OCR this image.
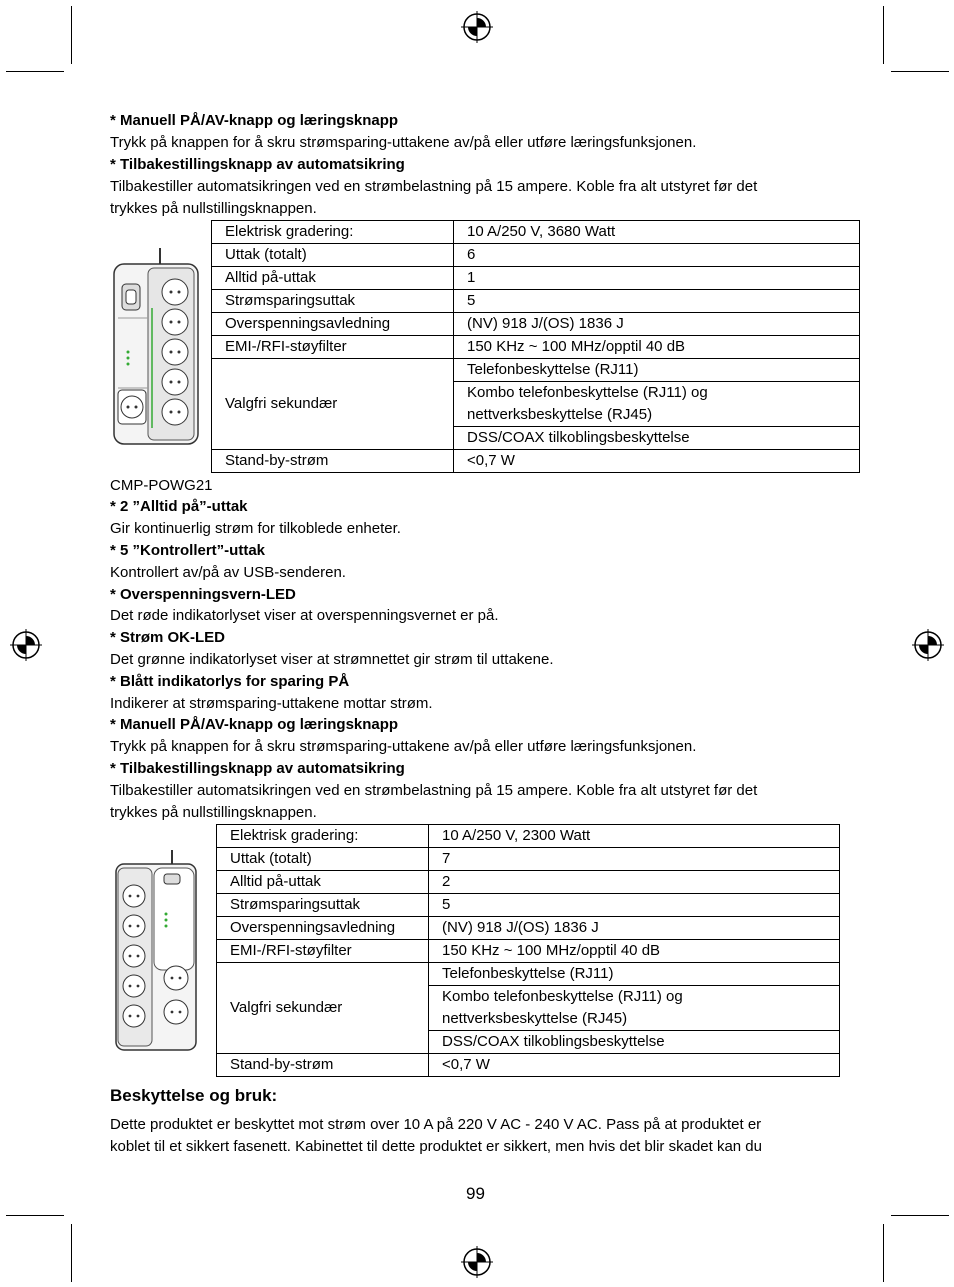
* Manuell PÅ/AV-knapp og læringsknapp
Trykk på knappen for å skru strømsparing-uttakene av/på eller utføre læringsfunksjonen.
* Tilbakestillingsknapp av automatsikring
Tilbakestiller automatsikringen ved en strømbelastning på 15 ampere. Koble fra alt utstyret før det
trykkes på nullstillingsknappen.
Elektrisk gradering:	10 A/250 V, 3680 Watt
Uttak (totalt)	6
Alltid på-uttak	1
Strømsparingsuttak	5
Overspenningsavledning	(NV) 918 J/(OS) 1836 J
EMI-/RFI-støyfilter	150 KHz ~ 100 MHz/opptil 40 dB
Valgfri sekundær	Telefonbeskyttelse (RJ11)
	Kombo telefonbeskyttelse (RJ11) og
nettverksbeskyttelse (RJ45)
	DSS/COAX tilkoblingsbeskyttelse
Stand-by-strøm	<0,7 W
CMP-POWG21
* 2 ”Alltid på”-uttak
Gir kontinuerlig strøm for tilkoblede enheter.
* 5 ”Kontrollert”-uttak
Kontrollert av/på av USB-senderen.
* Overspenningsvern-LED
Det røde indikatorlyset viser at overspenningsvernet er på.
* Strøm OK-LED
Det grønne indikatorlyset viser at strømnettet gir strøm til uttakene.
* Blått indikatorlys for sparing PÅ
Indikerer at strømsparing-uttakene mottar strøm.
* Manuell PÅ/AV-knapp og læringsknapp
Trykk på knappen for å skru strømsparing-uttakene av/på eller utføre læringsfunksjonen.
* Tilbakestillingsknapp av automatsikring
Tilbakestiller automatsikringen ved en strømbelastning på 15 ampere. Koble fra alt utstyret før det
trykkes på nullstillingsknappen.
Elektrisk gradering:	10 A/250 V, 2300 Watt
Uttak (totalt)	7
Alltid på-uttak	2
Strømsparingsuttak	5
Overspenningsavledning	(NV) 918 J/(OS) 1836 J
EMI-/RFI-støyfilter	150 KHz ~ 100 MHz/opptil 40 dB
Valgfri sekundær	Telefonbeskyttelse (RJ11)
	Kombo telefonbeskyttelse (RJ11) og
nettverksbeskyttelse (RJ45)
	DSS/COAX tilkoblingsbeskyttelse
Stand-by-strøm	<0,7 W
Beskyttelse og bruk:
Dette produktet er beskyttet mot strøm over 10 A på 220 V AC - 240 V AC. Pass på at produktet er
koblet til et sikkert fasenett. Kabinettet til dette produktet er sikkert, men hvis det blir skadet kan du
99
